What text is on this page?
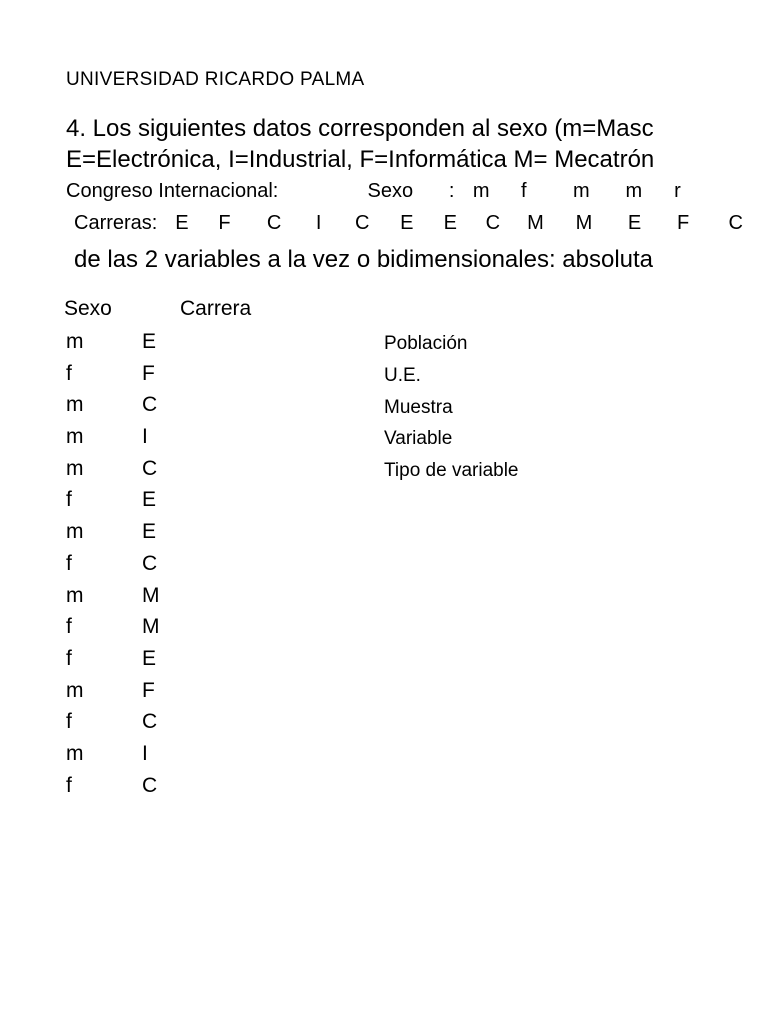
UNIVERSIDAD RICARDO PALMA
4. Los siguientes datos corresponden al sexo (m=Masc
E=Electrónica, I=Industrial, F=Informática M= Mecatrón
Congreso Internacional:	Sexo : m f m m r
Carreras: E F C I C E E C M M E F C
de las 2 variables a la vez o bidimensionales: absoluta
Sexo	Carrera
m
f
m
m
m
f
m
f
m
f
f
m
f
m
f
E
F
C
I
C
E
E
C
M
M
E
F
C
I
C
Población
U.E.
Muestra
Variable
Tipo de variable
